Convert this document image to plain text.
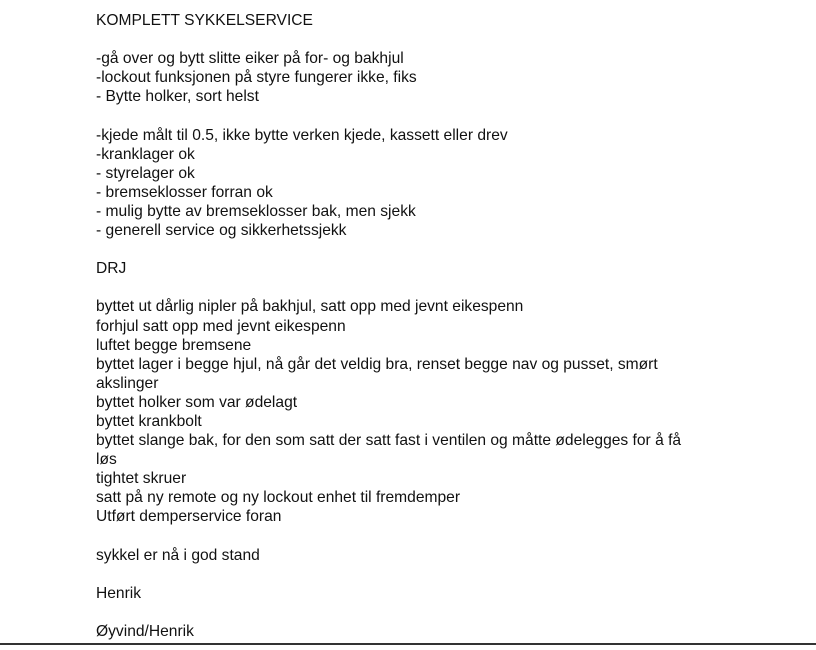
KOMPLETT SYKKELSERVICE
-gå over og bytt slitte eiker på for- og bakhjul
-lockout funksjonen på styre fungerer ikke, fiks
- Bytte holker, sort helst
-kjede målt til 0.5, ikke bytte verken kjede, kassett eller drev
-kranklager ok
- styrelager ok
- bremseklosser forran ok
- mulig bytte av bremseklosser bak, men sjekk
- generell service og sikkerhetssjekk
DRJ
byttet ut dårlig nipler på bakhjul, satt opp med jevnt eikespenn
forhjul satt opp med jevnt eikespenn
luftet begge bremsene
byttet lager i begge hjul, nå går det veldig bra, renset begge nav og pusset, smørt
akslinger
byttet holker som var ødelagt
byttet krankbolt
byttet slange bak, for den som satt der satt fast i ventilen og måtte ødelegges for å få
løs
tightet skruer
satt på ny remote og ny lockout enhet til fremdemper
Utført demperservice foran
sykkel er nå i god stand
Henrik
Øyvind/Henrik
